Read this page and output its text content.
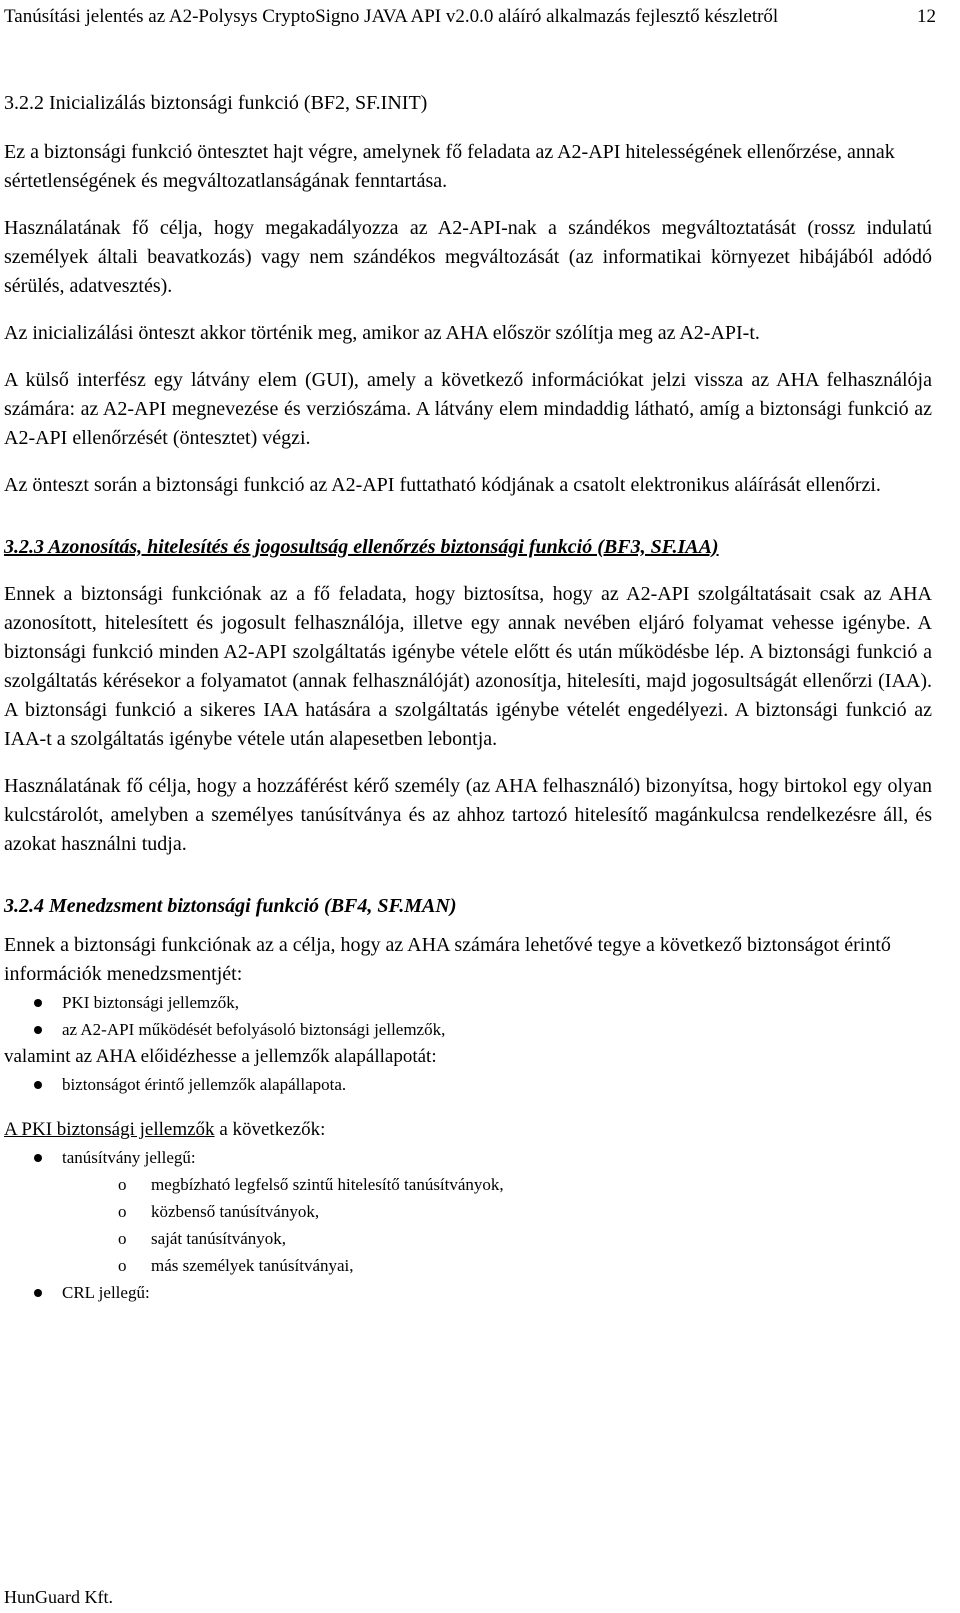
Tanúsítási jelentés az A2-Polysys CryptoSigno JAVA API v2.0.0 aláíró alkalmazás fejlesztő készletről	12
3.2.2 Inicializálás biztonsági funkció (BF2, SF.INIT)

Ez a biztonsági funkció öntesztet hajt végre, amelynek fő feladata az A2-API hitelességének ellenőrzése, annak sértetlenségének és megváltozatlanságának fenntartása.

Használatának fő célja, hogy megakadályozza az A2-API-nak a szándékos megváltoztatását (rossz indulatú személyek általi beavatkozás) vagy nem szándékos megváltozását (az informatikai környezet hibájából adódó sérülés, adatvesztés).

Az inicializálási önteszt akkor történik meg, amikor az AHA először szólítja meg az A2-API-t.

A külső interfész egy látvány elem (GUI), amely a következő információkat jelzi vissza az AHA felhasználója számára: az A2-API megnevezése és verziószáma. A látvány elem mindaddig látható, amíg a biztonsági funkció az A2-API ellenőrzését (öntesztet) végzi.

Az önteszt során a biztonsági funkció az A2-API futtatható kódjának a csatolt elektronikus aláírását ellenőrzi.

3.2.3 Azonosítás, hitelesítés és jogosultság ellenőrzés biztonsági funkció (BF3, SF.IAA)

Ennek a biztonsági funkciónak az a fő feladata, hogy biztosítsa, hogy az A2-API szolgáltatásait csak az AHA azonosított, hitelesített és jogosult felhasználója, illetve egy annak nevében eljáró folyamat vehesse igénybe. A biztonsági funkció minden A2-API szolgáltatás igénybe vétele előtt és után működésbe lép. A biztonsági funkció a szolgáltatás kérésekor a folyamatot (annak felhasználóját) azonosítja, hitelesíti, majd jogosultságát ellenőrzi (IAA). A biztonsági funkció a sikeres IAA hatására a szolgáltatás igénybe vételét engedélyezi. A biztonsági funkció az IAA-t a szolgáltatás igénybe vétele után alapesetben lebontja.

Használatának fő célja, hogy a hozzáférést kérő személy (az AHA felhasználó) bizonyítsa, hogy birtokol egy olyan kulcstárolót, amelyben a személyes tanúsítványa és az ahhoz tartozó hitelesítő magánkulcsa rendelkezésre áll, és azokat használni tudja.

3.2.4 Menedzsment biztonsági funkció (BF4, SF.MAN)

Ennek a biztonsági funkciónak az a célja, hogy az AHA számára lehetővé tegye a következő biztonságot érintő információk menedzsmentjét:

PKI biztonsági jellemzők,
az A2-API működését befolyásoló biztonsági jellemzők,

valamint az AHA előidézhesse a jellemzők alapállapotát:

biztonságot érintő jellemzők alapállapota.

A PKI biztonsági jellemzők a következők:

tanúsítvány jellegű:
o megbízható legfelső szintű hitelesítő tanúsítványok,
o közbenső tanúsítványok,
o saját tanúsítványok,
o más személyek tanúsítványai,
CRL jellegű:
HunGuard Kft.
